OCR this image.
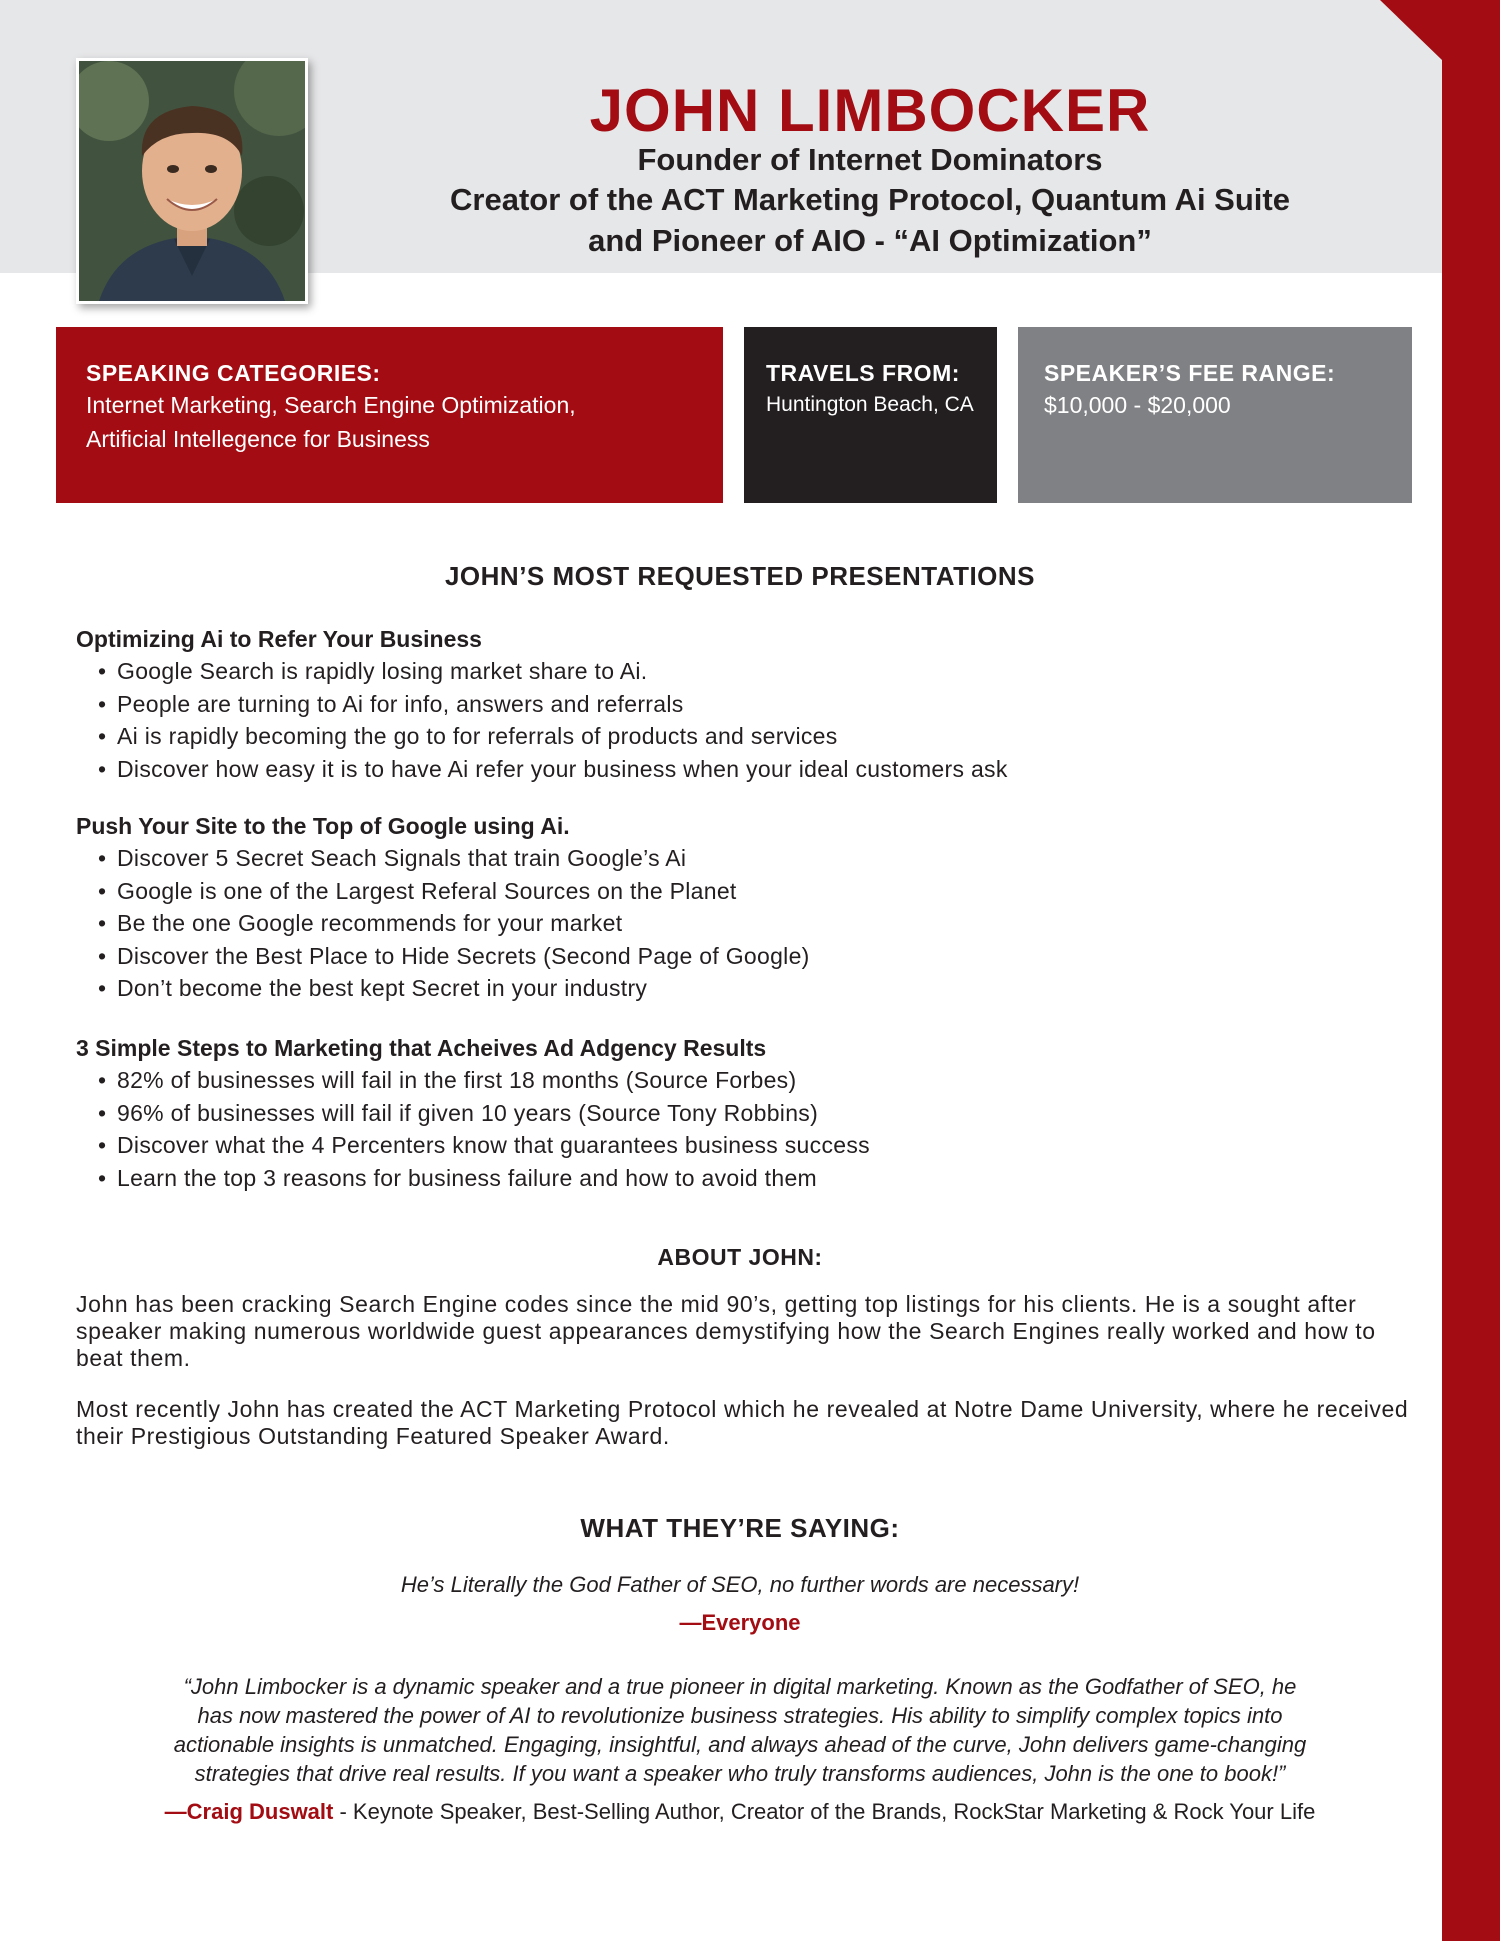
JOHN LIMBOCKER
Founder of Internet Dominators
Creator of the ACT Marketing Protocol, Quantum Ai Suite
and Pioneer of AIO - “AI Optimization”
SPEAKING CATEGORIES:
Internet Marketing, Search Engine Optimization,
Artificial Intellegence for Business
TRAVELS FROM:
Huntington Beach, CA
SPEAKER’S FEE RANGE:
$10,000 - $20,000
JOHN’S MOST REQUESTED PRESENTATIONS
Optimizing Ai to Refer Your Business
• Google Search is rapidly losing market share to Ai.
• People are turning to Ai for info, answers and referrals
• Ai is rapidly becoming the go to for referrals of products and services
• Discover how easy it is to have Ai refer your business when your ideal customers ask
Push Your Site to the Top of Google using Ai.
• Discover 5 Secret Seach Signals that train Google’s Ai
• Google is one of the Largest Referal Sources on the Planet
• Be the one Google recommends for your market
• Discover the Best Place to Hide Secrets (Second Page of Google)
• Don’t become the best kept Secret in your industry
3 Simple Steps to Marketing that Acheives Ad Adgency Results
• 82% of businesses will fail in the first 18 months (Source Forbes)
• 96% of businesses will fail if given 10 years (Source Tony Robbins)
• Discover what the 4 Percenters know that guarantees business success
• Learn the top 3 reasons for business failure and how to avoid them
ABOUT JOHN:

John has been cracking Search Engine codes since the mid 90’s, getting top listings for his clients. He is a sought after speaker making numerous worldwide guest appearances demystifying how the Search Engines really worked and how to beat them.

Most recently John has created the ACT Marketing Protocol which he revealed at Notre Dame University, where he received their Prestigious Outstanding Featured Speaker Award.

WHAT THEY’RE SAYING:
He’s Literally the God Father of SEO, no further words are necessary!
—Everyone
“John Limbocker is a dynamic speaker and a true pioneer in digital marketing. Known as the Godfather of SEO, he
has now mastered the power of AI to revolutionize business strategies. His ability to simplify complex topics into
actionable insights is unmatched. Engaging, insightful, and always ahead of the curve, John delivers game-changing
strategies that drive real results. If you want a speaker who truly transforms audiences, John is the one to book!”
—Craig Duswalt - Keynote Speaker, Best-Selling Author, Creator of the Brands, RockStar Marketing & Rock Your Life
